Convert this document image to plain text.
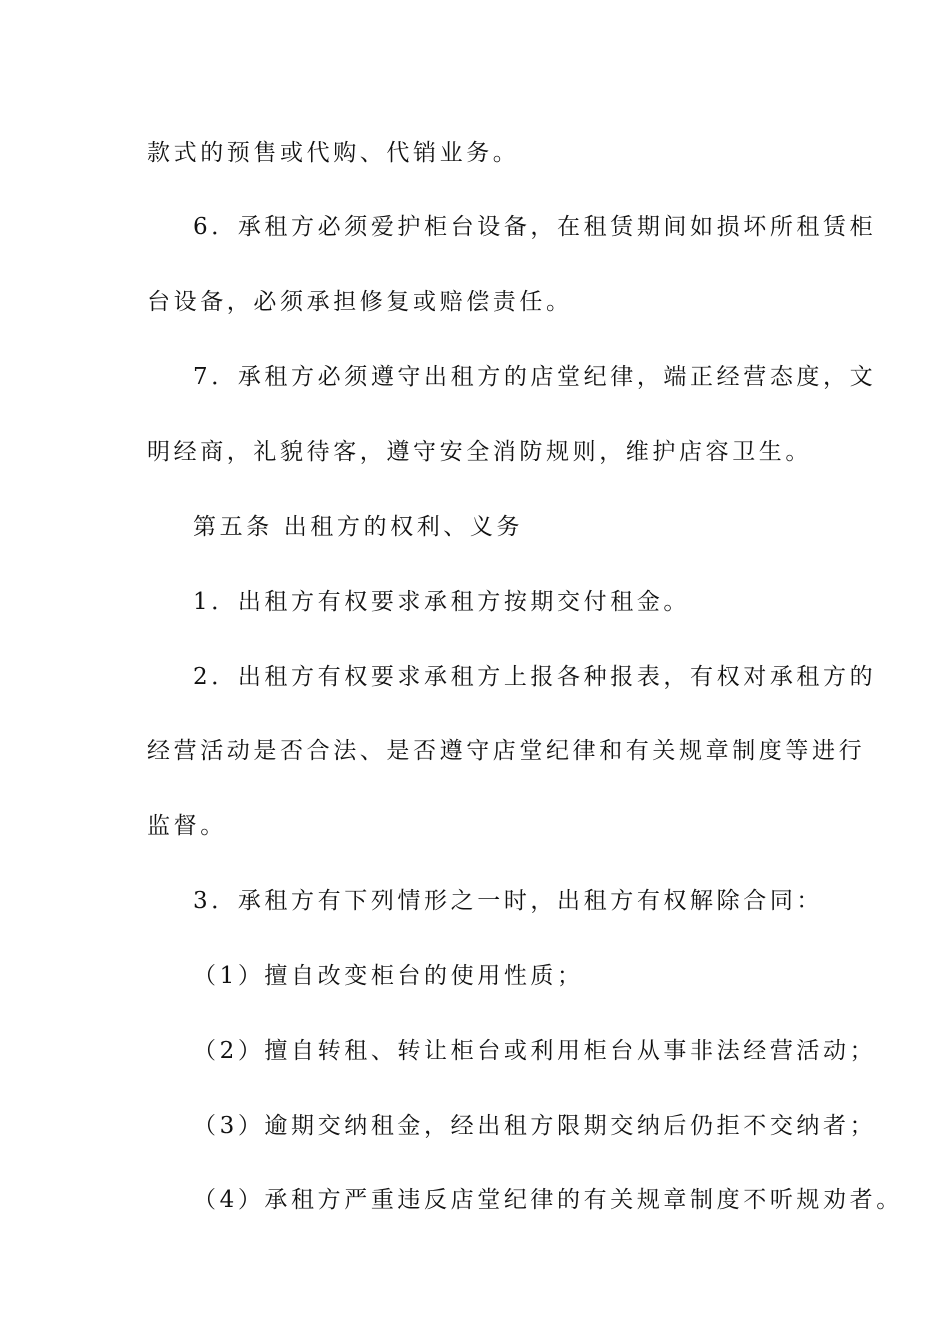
款式的预售或代购、代销业务。
6．承租方必须爱护柜台设备，在租赁期间如损坏所租赁柜
台设备，必须承担修复或赔偿责任。
7．承租方必须遵守出租方的店堂纪律，端正经营态度，文
明经商，礼貌待客，遵守安全消防规则，维护店容卫生。
第五条 出租方的权利、义务
1．出租方有权要求承租方按期交付租金。
2．出租方有权要求承租方上报各种报表，有权对承租方的
经营活动是否合法、是否遵守店堂纪律和有关规章制度等进行
监督。
3．承租方有下列情形之一时，出租方有权解除合同：
（1）擅自改变柜台的使用性质；
（2）擅自转租、转让柜台或利用柜台从事非法经营活动；
（3）逾期交纳租金，经出租方限期交纳后仍拒不交纳者；
（4）承租方严重违反店堂纪律的有关规章制度不听规劝者。
